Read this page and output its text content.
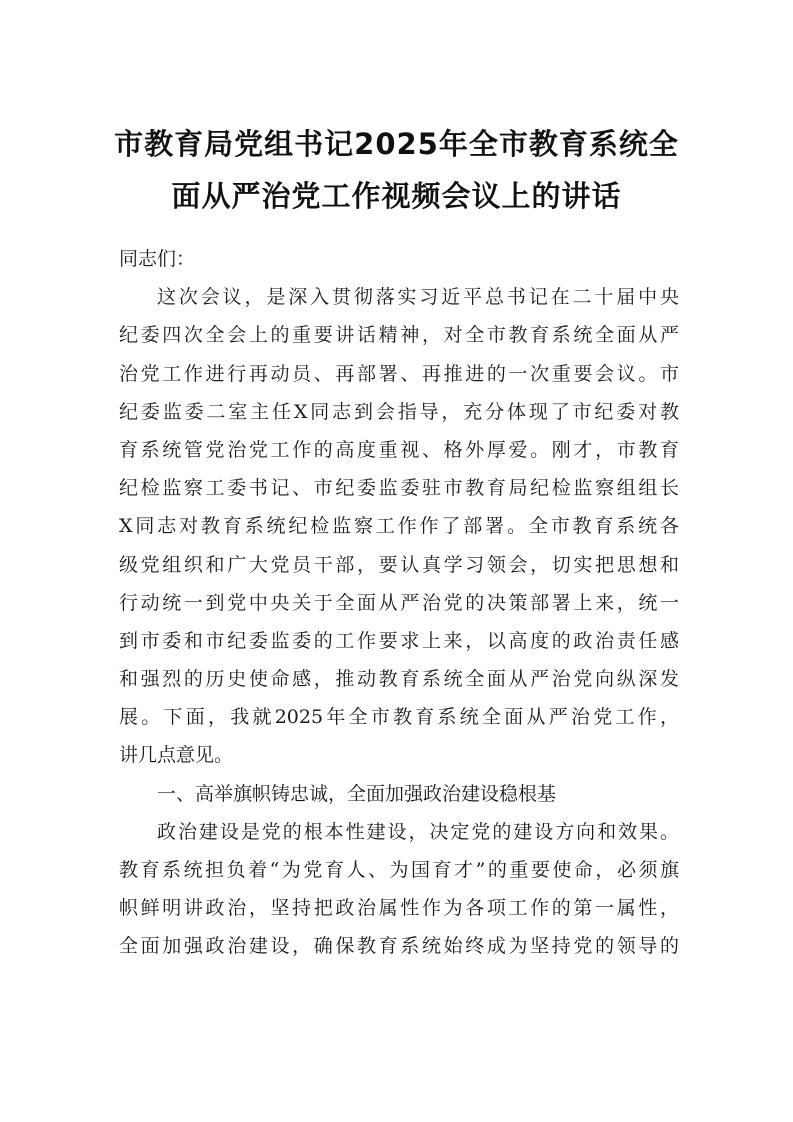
市教育局党组书记2025年全市教育系统全
面从严治党工作视频会议上的讲话
同志们：
这次会议，是深入贯彻落实习近平总书记在二十届中央
纪委四次全会上的重要讲话精神，对全市教育系统全面从严
治党工作进行再动员、再部署、再推进的一次重要会议。市
纪委监委二室主任X同志到会指导，充分体现了市纪委对教
育系统管党治党工作的高度重视、格外厚爱。刚才，市教育
纪检监察工委书记、市纪委监委驻市教育局纪检监察组组长
X同志对教育系统纪检监察工作作了部署。全市教育系统各
级党组织和广大党员干部，要认真学习领会，切实把思想和
行动统一到党中央关于全面从严治党的决策部署上来，统一
到市委和市纪委监委的工作要求上来，以高度的政治责任感
和强烈的历史使命感，推动教育系统全面从严治党向纵深发
展。下面，我就2025年全市教育系统全面从严治党工作，
讲几点意见。
一、高举旗帜铸忠诚，全面加强政治建设稳根基
政治建设是党的根本性建设，决定党的建设方向和效果。
教育系统担负着“为党育人、为国育才”的重要使命，必须旗
帜鲜明讲政治，坚持把政治属性作为各项工作的第一属性，
全面加强政治建设，确保教育系统始终成为坚持党的领导的
